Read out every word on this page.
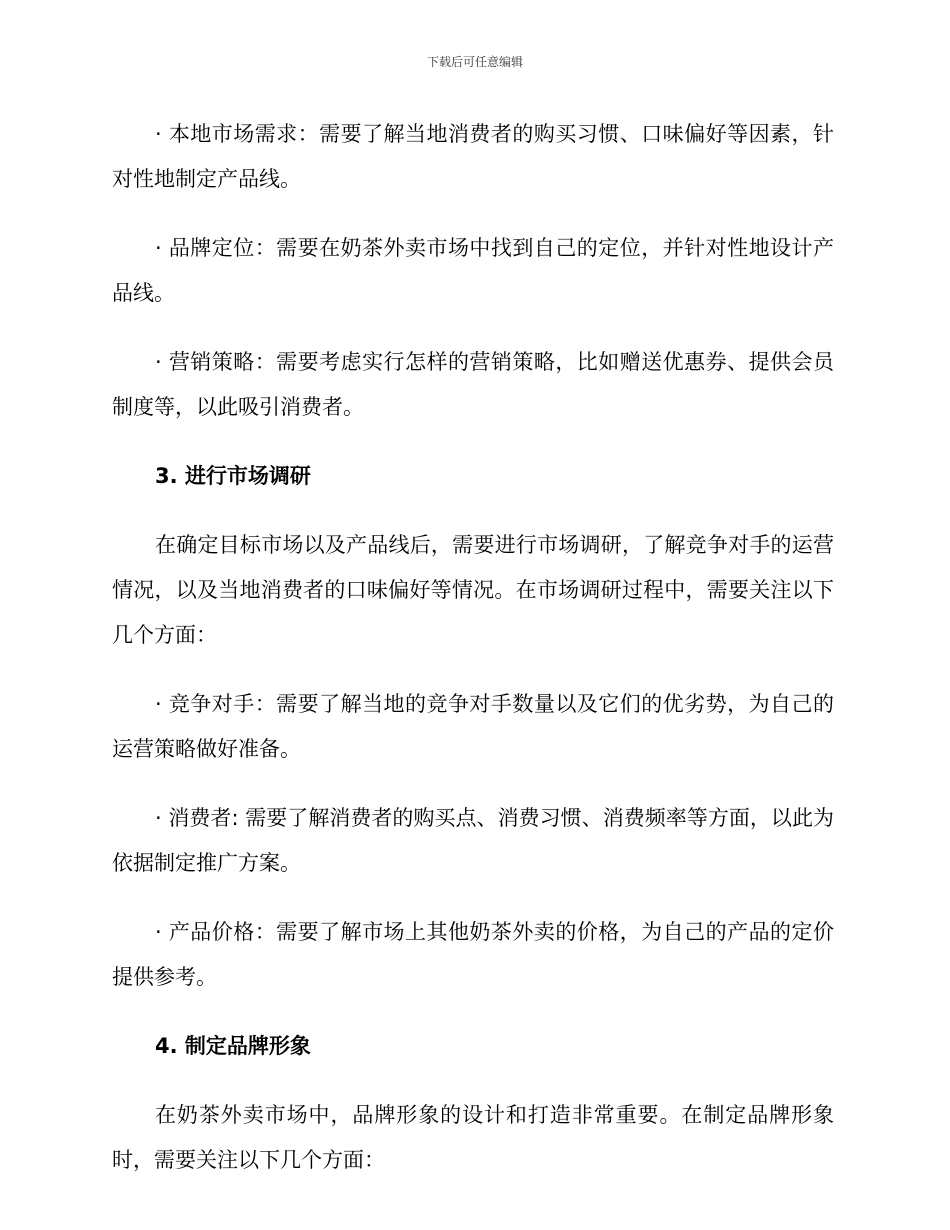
下载后可任意编辑

· 本地市场需求：需要了解当地消费者的购买习惯、口味偏好等因素，针对性地制定产品线。

· 品牌定位：需要在奶茶外卖市场中找到自己的定位，并针对性地设计产品线。

· 营销策略：需要考虑实行怎样的营销策略，比如赠送优惠券、提供会员制度等，以此吸引消费者。

3. 进行市场调研

在确定目标市场以及产品线后，需要进行市场调研，了解竞争对手的运营情况，以及当地消费者的口味偏好等情况。在市场调研过程中，需要关注以下几个方面：

· 竞争对手：需要了解当地的竞争对手数量以及它们的优劣势，为自己的运营策略做好准备。

· 消费者: 需要了解消费者的购买点、消费习惯、消费频率等方面，以此为依据制定推广方案。

· 产品价格：需要了解市场上其他奶茶外卖的价格，为自己的产品的定价提供参考。

4. 制定品牌形象

在奶茶外卖市场中，品牌形象的设计和打造非常重要。在制定品牌形象时，需要关注以下几个方面：
